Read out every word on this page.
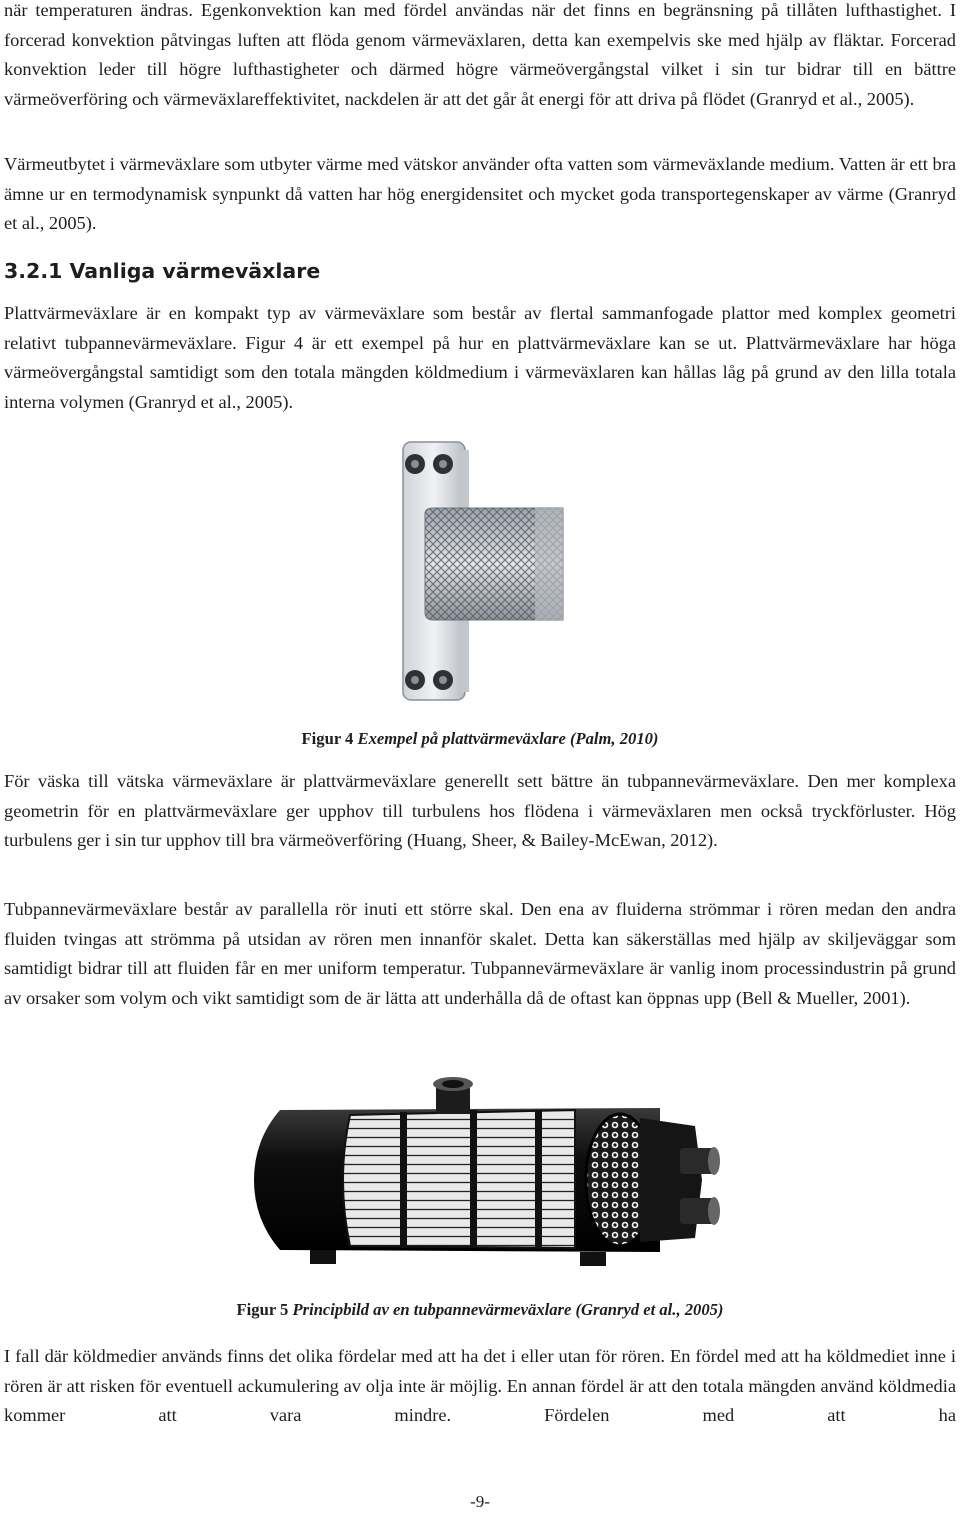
när temperaturen ändras. Egenkonvektion kan med fördel användas när det finns en begränsning på tillåten lufthastighet. I forcerad konvektion påtvingas luften att flöda genom värmeväxlaren, detta kan exempelvis ske med hjälp av fläktar. Forcerad konvektion leder till högre lufthastigheter och därmed högre värmeövergångstal vilket i sin tur bidrar till en bättre värmeöverföring och värmeväxlareffektivitet, nackdelen är att det går åt energi för att driva på flödet (Granryd et al., 2005).

Värmeutbytet i värmeväxlare som utbyter värme med vätskor använder ofta vatten som värmeväxlande medium. Vatten är ett bra ämne ur en termodynamisk synpunkt då vatten har hög energidensitet och mycket goda transportegenskaper av värme (Granryd et al., 2005).

3.2.1 Vanliga värmeväxlare

Plattvärmeväxlare är en kompakt typ av värmeväxlare som består av flertal sammanfogade plattor med komplex geometri relativt tubpannevärmeväxlare. Figur 4 är ett exempel på hur en plattvärmeväxlare kan se ut. Plattvärmeväxlare har höga värmeövergångstal samtidigt som den totala mängden köldmedium i värmeväxlaren kan hållas låg på grund av den lilla totala interna volymen (Granryd et al., 2005).

Figur 4 Exempel på plattvärmeväxlare (Palm, 2010)

För väska till vätska värmeväxlare är plattvärmeväxlare generellt sett bättre än tubpannevärmeväxlare. Den mer komplexa geometrin för en plattvärmeväxlare ger upphov till turbulens hos flödena i värmeväxlaren men också tryckförluster. Hög turbulens ger i sin tur upphov till bra värmeöverföring (Huang, Sheer, & Bailey-McEwan, 2012).

Tubpannevärmeväxlare består av parallella rör inuti ett större skal. Den ena av fluiderna strömmar i rören medan den andra fluiden tvingas att strömma på utsidan av rören men innanför skalet. Detta kan säkerställas med hjälp av skiljeväggar som samtidigt bidrar till att fluiden får en mer uniform temperatur. Tubpannevärmeväxlare är vanlig inom processindustrin på grund av orsaker som volym och vikt samtidigt som de är lätta att underhålla då de oftast kan öppnas upp (Bell & Mueller, 2001).

Figur 5 Principbild av en tubpannevärmeväxlare (Granryd et al., 2005)

I fall där köldmedier används finns det olika fördelar med att ha det i eller utan för rören. En fördel med att ha köldmediet inne i rören är att risken för eventuell ackumulering av olja inte är möjlig. En annan fördel är att den totala mängden använd köldmedia kommer att vara mindre. Fördelen med att ha

-9-
